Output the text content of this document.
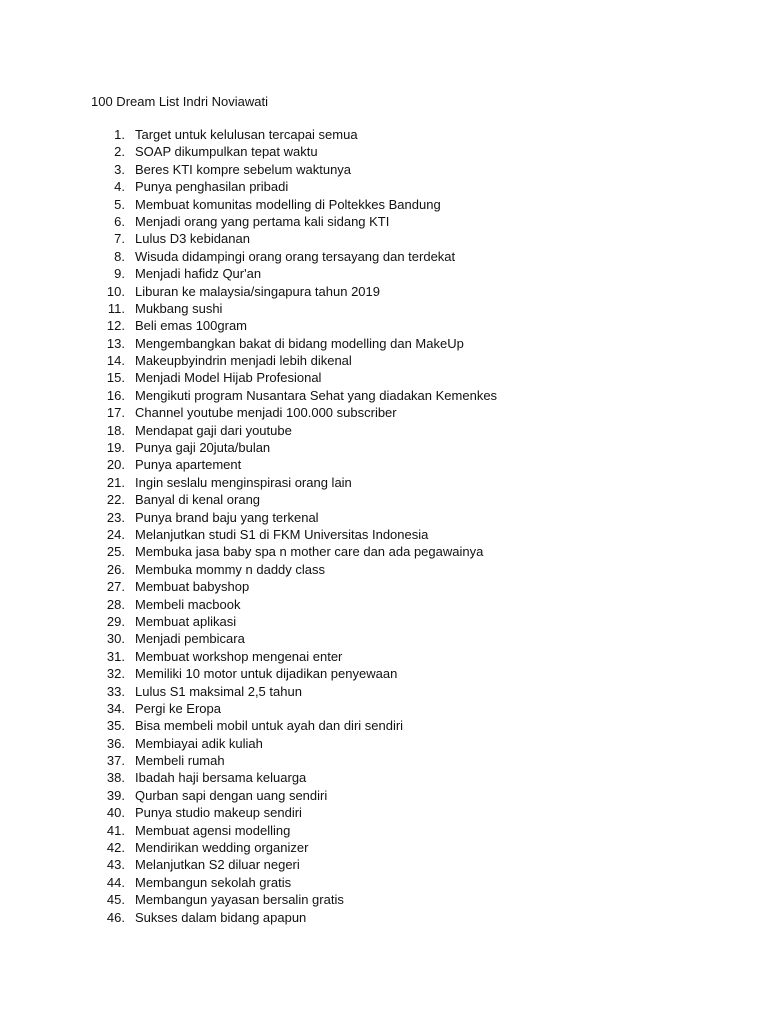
100 Dream List Indri Noviawati
1. Target untuk kelulusan tercapai semua
2. SOAP dikumpulkan tepat waktu
3. Beres KTI kompre sebelum waktunya
4. Punya penghasilan pribadi
5. Membuat komunitas modelling di Poltekkes Bandung
6. Menjadi orang yang pertama kali sidang KTI
7. Lulus D3 kebidanan
8. Wisuda didampingi orang orang tersayang dan terdekat
9. Menjadi hafidz Qur'an
10. Liburan ke malaysia/singapura tahun 2019
11. Mukbang sushi
12. Beli emas 100gram
13. Mengembangkan bakat di bidang modelling dan MakeUp
14. Makeupbyindrin menjadi lebih dikenal
15. Menjadi Model Hijab Profesional
16. Mengikuti program Nusantara Sehat yang diadakan Kemenkes
17. Channel youtube menjadi 100.000 subscriber
18. Mendapat gaji dari youtube
19. Punya gaji 20juta/bulan
20. Punya apartement
21. Ingin seslalu menginspirasi orang lain
22. Banyal di kenal orang
23. Punya brand baju yang terkenal
24. Melanjutkan studi S1 di FKM Universitas Indonesia
25. Membuka jasa baby spa n mother care dan ada pegawainya
26. Membuka mommy n daddy class
27. Membuat babyshop
28. Membeli macbook
29. Membuat aplikasi
30. Menjadi pembicara
31. Membuat workshop mengenai enter
32. Memiliki 10 motor untuk dijadikan penyewaan
33. Lulus S1 maksimal 2,5 tahun
34. Pergi ke Eropa
35. Bisa membeli mobil untuk ayah dan diri sendiri
36. Membiayai adik kuliah
37. Membeli rumah
38. Ibadah haji bersama keluarga
39. Qurban sapi dengan uang sendiri
40. Punya studio makeup sendiri
41. Membuat agensi modelling
42. Mendirikan wedding organizer
43. Melanjutkan S2 diluar negeri
44. Membangun sekolah gratis
45. Membangun yayasan bersalin gratis
46. Sukses dalam bidang apapun
